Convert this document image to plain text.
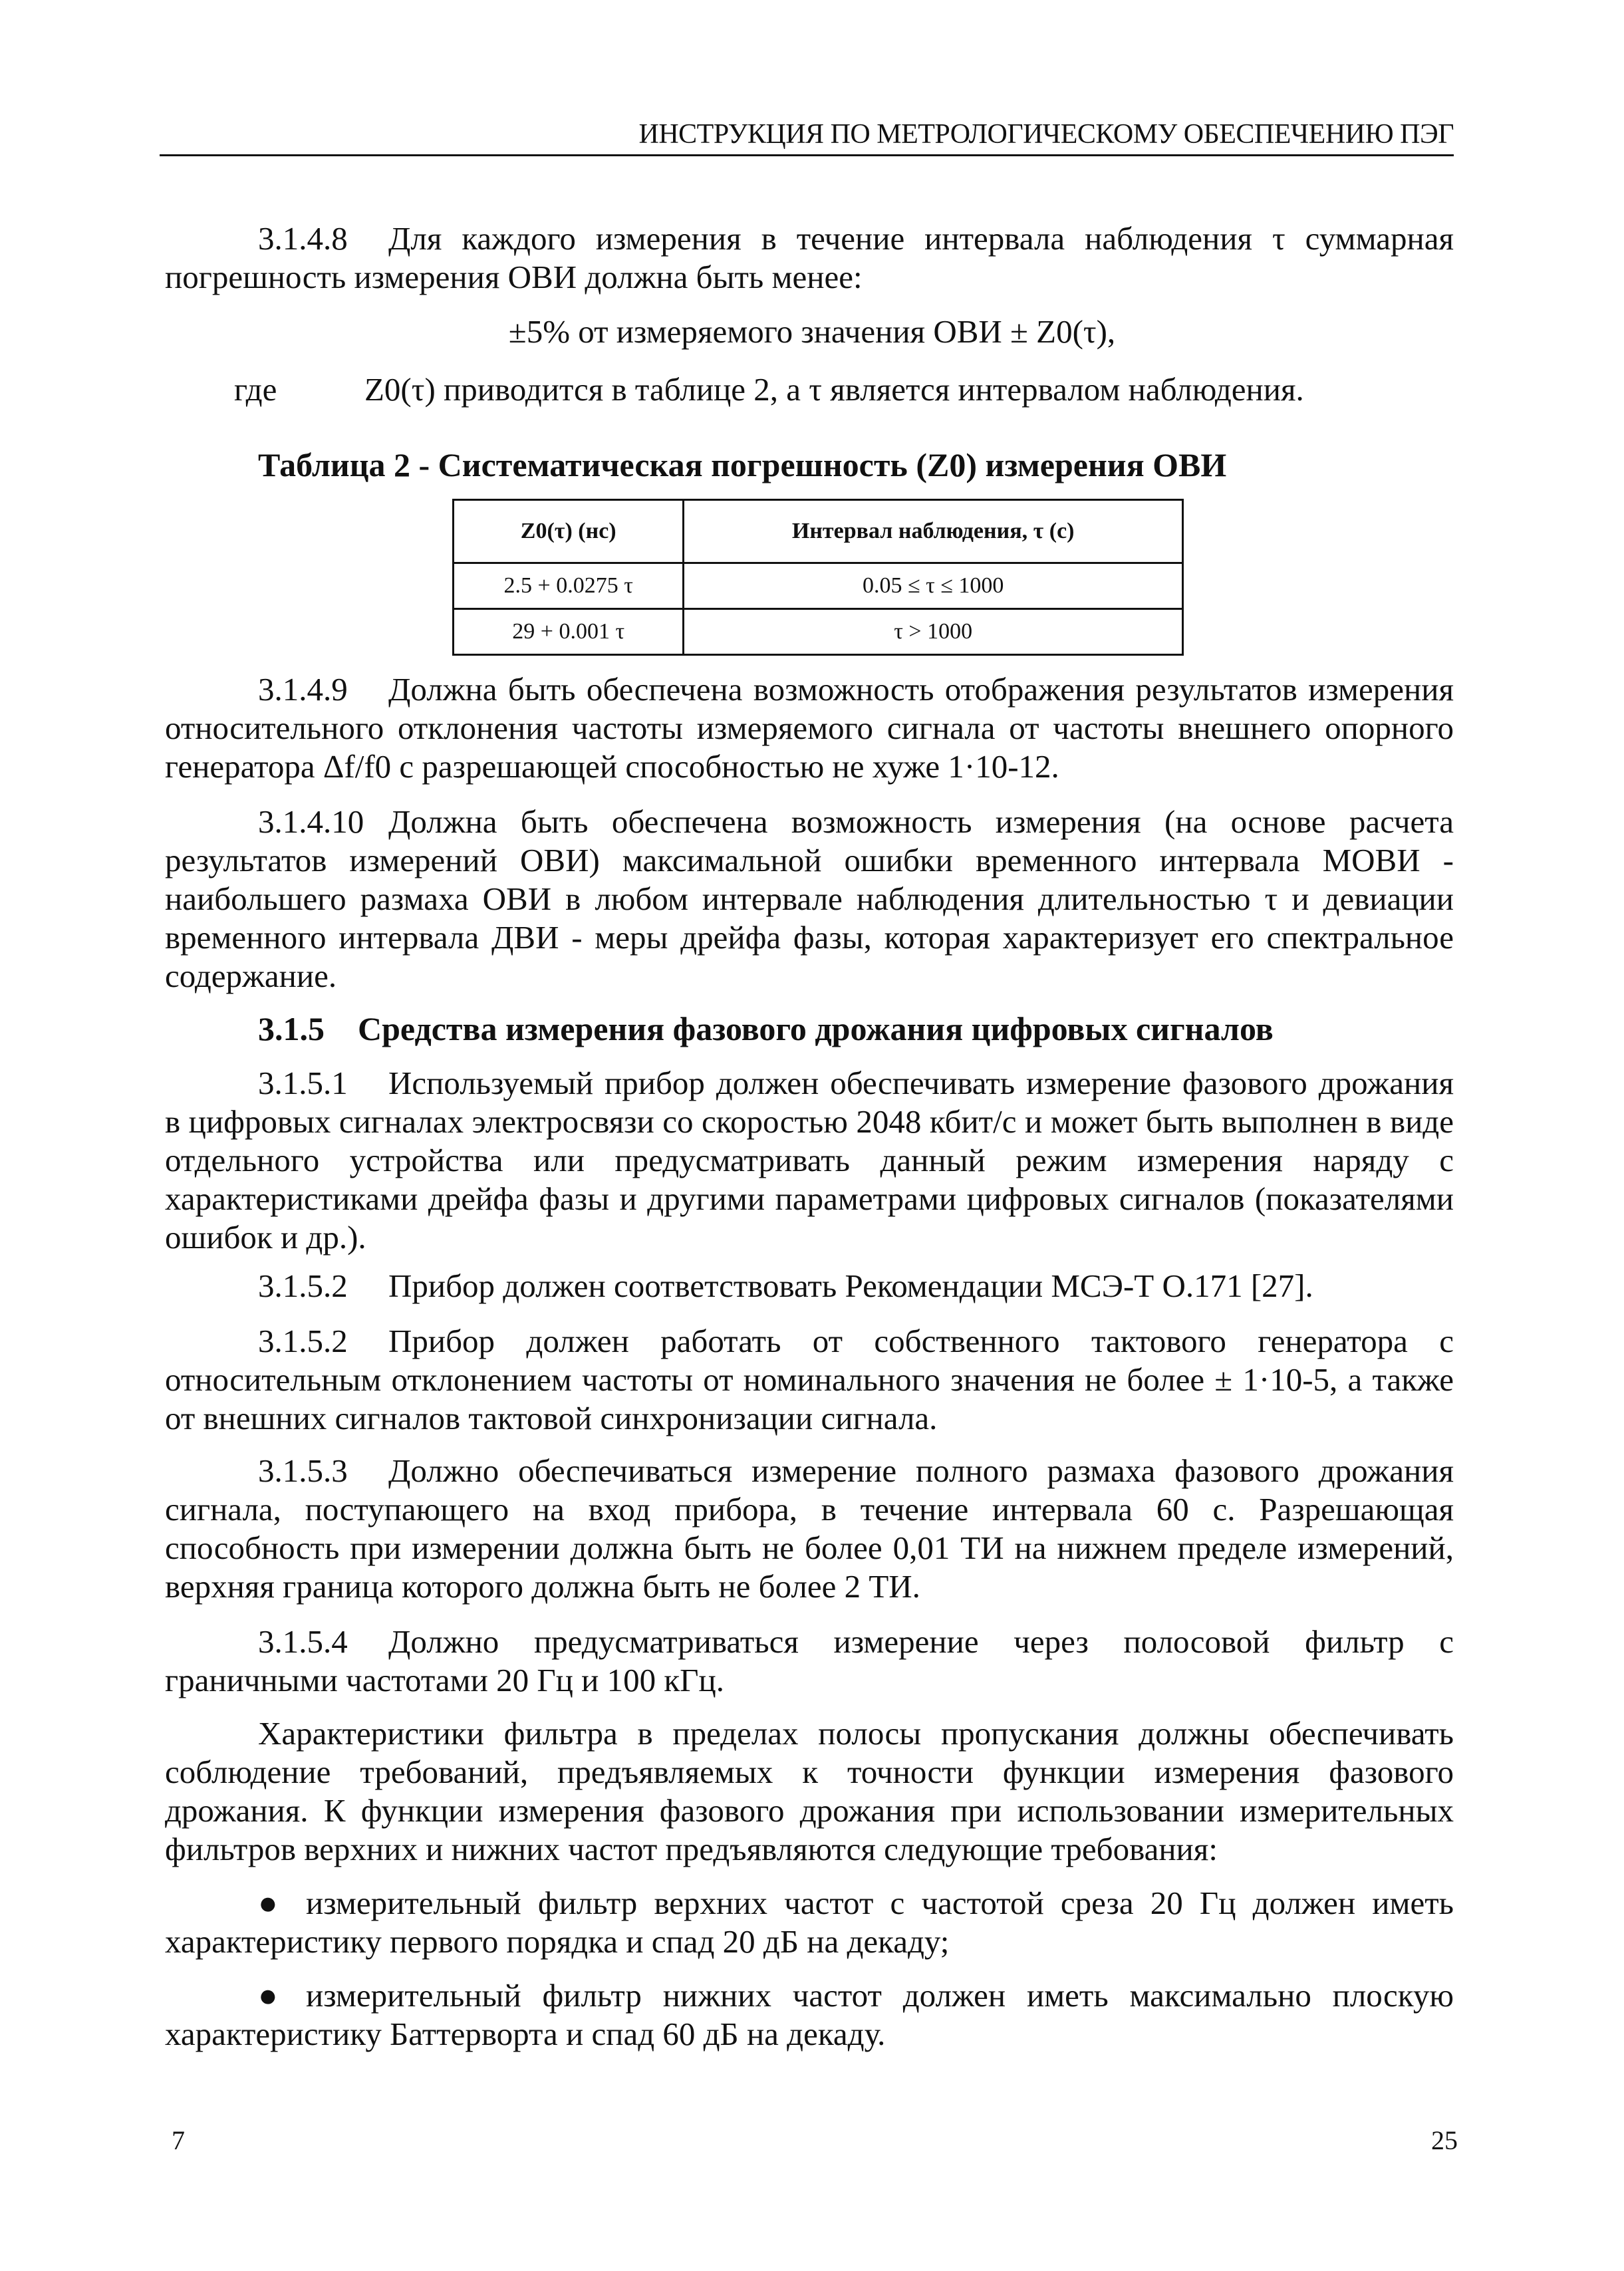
ИНСТРУКЦИЯ ПО МЕТРОЛОГИЧЕСКОМУ ОБЕСПЕЧЕНИЮ ПЭГ
3.1.4.8 Для каждого измерения в течение интервала наблюдения τ суммарная погрешность измерения ОВИ должна быть менее:
±5% от измеряемого значения ОВИ ± Z0(τ),
где	Z0(τ) приводится в таблице 2, а τ является интервалом наблюдения.
Таблица 2 - Систематическая погрешность (Z0) измерения ОВИ
Z0(τ) (нс)	Интервал наблюдения, τ (с)
2.5 + 0.0275 τ	0.05 ≤ τ ≤ 1000
29 + 0.001 τ	τ > 1000
3.1.4.9 Должна быть обеспечена возможность отображения результатов измерения относительного отклонения частоты измеряемого сигнала от частоты внешнего опорного генератора Δf/f0 с разрешающей способностью не хуже 1·10-12.
3.1.4.10 Должна быть обеспечена возможность измерения (на основе расчета результатов измерений ОВИ) максимальной ошибки временного интервала МОВИ - наибольшего размаха ОВИ в любом интервале наблюдения длительностью τ и девиации временного интервала ДВИ - меры дрейфа фазы, которая характеризует его спектральное содержание.
3.1.5 Средства измерения фазового дрожания цифровых сигналов
3.1.5.1 Используемый прибор должен обеспечивать измерение фазового дрожания в цифровых сигналах электросвязи со скоростью 2048 кбит/с и может быть выполнен в виде отдельного устройства или предусматривать данный режим измерения наряду с характеристиками дрейфа фазы и другими параметрами цифровых сигналов (показателями ошибок и др.).
3.1.5.2 Прибор должен соответствовать Рекомендации МСЭ-Т О.171 [27].
3.1.5.2 Прибор должен работать от собственного тактового генератора с относительным отклонением частоты от номинального значения не более ± 1·10-5, а также от внешних сигналов тактовой синхронизации сигнала.
3.1.5.3 Должно обеспечиваться измерение полного размаха фазового дрожания сигнала, поступающего на вход прибора, в течение интервала 60 с. Разрешающая способность при измерении должна быть не более 0,01 ТИ на нижнем пределе измерений, верхняя граница которого должна быть не более 2 ТИ.
3.1.5.4 Должно предусматриваться измерение через полосовой фильтр с граничными частотами 20 Гц и 100 кГц.
Характеристики фильтра в пределах полосы пропускания должны обеспечивать соблюдение требований, предъявляемых к точности функции измерения фазового дрожания. К функции измерения фазового дрожания при использовании измерительных фильтров верхних и нижних частот предъявляются следующие требования:
● измерительный фильтр верхних частот с частотой среза 20 Гц должен иметь характеристику первого порядка и спад 20 дБ на декаду;
● измерительный фильтр нижних частот должен иметь максимально плоскую характеристику Баттерворта и спад 60 дБ на декаду.
7	25
